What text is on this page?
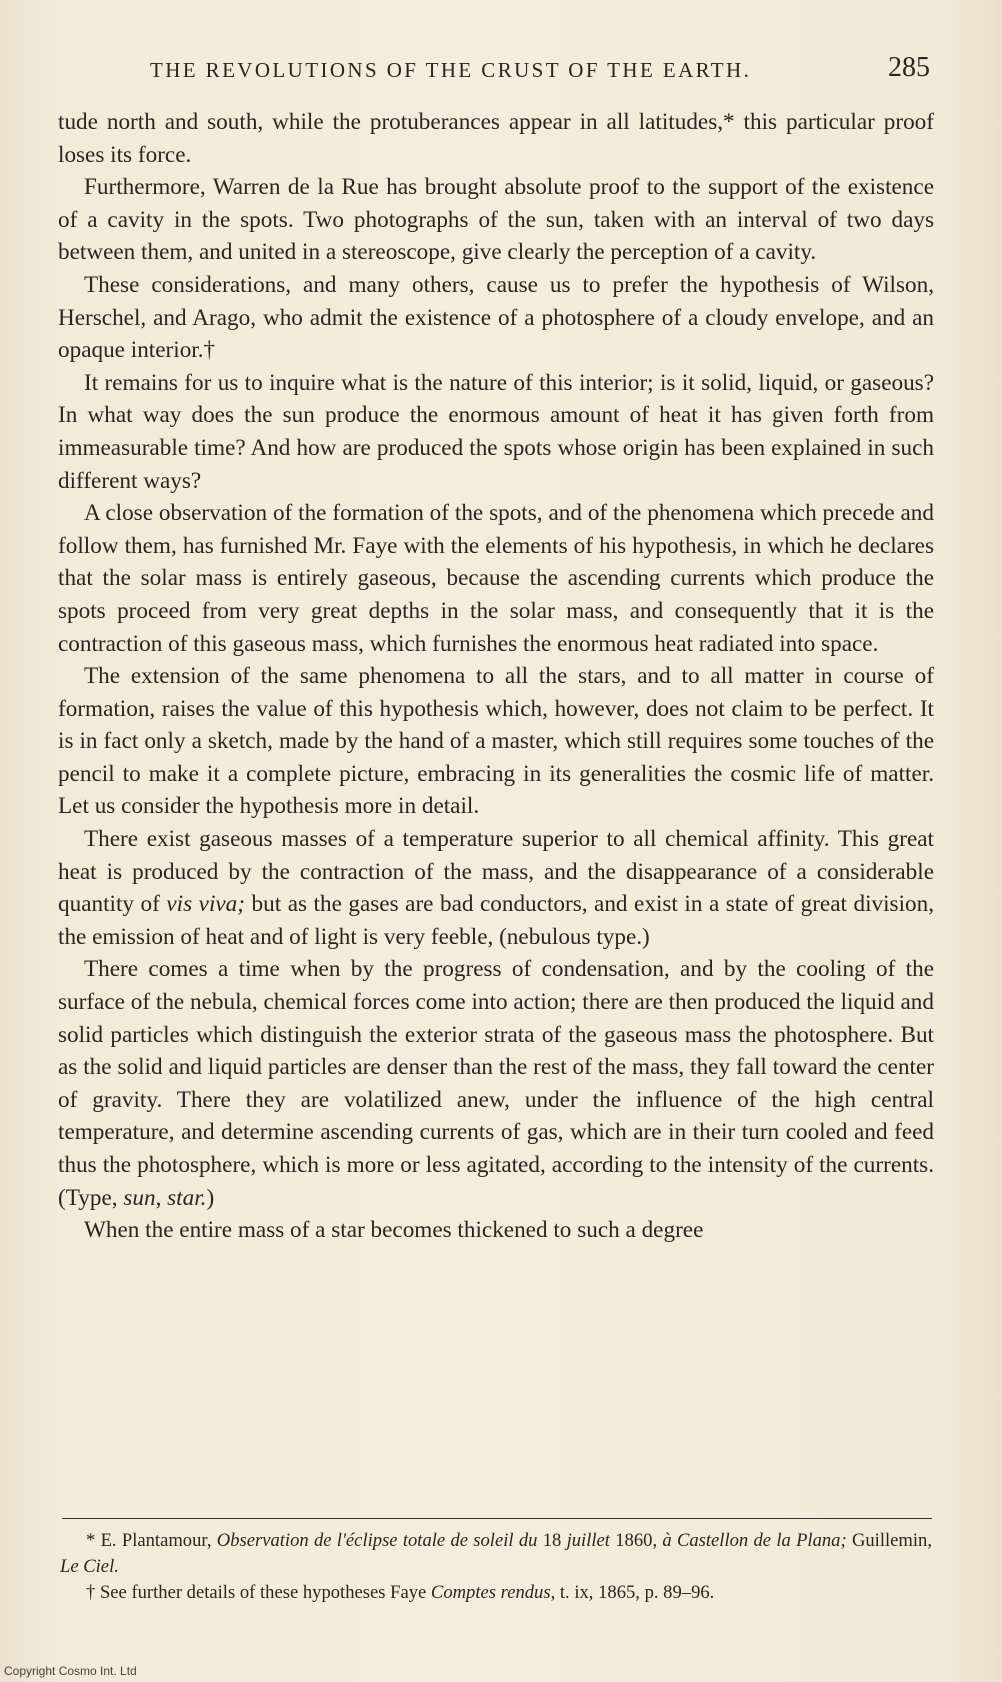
THE REVOLUTIONS OF THE CRUST OF THE EARTH.	285

tude north and south, while the protuberances appear in all latitudes,* this particular proof loses its force.

Furthermore, Warren de la Rue has brought absolute proof to the support of the existence of a cavity in the spots. Two photographs of the sun, taken with an interval of two days between them, and united in a stereoscope, give clearly the perception of a cavity.

These considerations, and many others, cause us to prefer the hypothesis of Wilson, Herschel, and Arago, who admit the existence of a photosphere of a cloudy envelope, and an opaque interior.†

It remains for us to inquire what is the nature of this interior; is it solid, liquid, or gaseous? In what way does the sun produce the enormous amount of heat it has given forth from immeasurable time? And how are produced the spots whose origin has been explained in such different ways?

A close observation of the formation of the spots, and of the phenomena which precede and follow them, has furnished Mr. Faye with the elements of his hypothesis, in which he declares that the solar mass is entirely gaseous, because the ascending currents which produce the spots proceed from very great depths in the solar mass, and consequently that it is the contraction of this gaseous mass, which furnishes the enormous heat radiated into space.

The extension of the same phenomena to all the stars, and to all matter in course of formation, raises the value of this hypothesis which, however, does not claim to be perfect. It is in fact only a sketch, made by the hand of a master, which still requires some touches of the pencil to make it a complete picture, embracing in its generalities the cosmic life of matter. Let us consider the hypothesis more in detail.

There exist gaseous masses of a temperature superior to all chemical affinity. This great heat is produced by the contraction of the mass, and the disappearance of a considerable quantity of vis viva; but as the gases are bad conductors, and exist in a state of great division, the emission of heat and of light is very feeble, (nebulous type.)

There comes a time when by the progress of condensation, and by the cooling of the surface of the nebula, chemical forces come into action; there are then produced the liquid and solid particles which distinguish the exterior strata of the gaseous mass the photosphere. But as the solid and liquid particles are denser than the rest of the mass, they fall toward the center of gravity. There they are volatilized anew, under the influence of the high central temperature, and determine ascending currents of gas, which are in their turn cooled and feed thus the photosphere, which is more or less agitated, according to the intensity of the currents. (Type, sun, star.)

When the entire mass of a star becomes thickened to such a degree

* E. Plantamour, Observation de l'éclipse totale de soleil du 18 juillet 1860, à Castellon de la Plana; Guillemin, Le Ciel.

† See further details of these hypotheses Faye Comptes rendus, t. ix, 1865, p. 89–96.

Copyright Cosmo Int. Ltd
